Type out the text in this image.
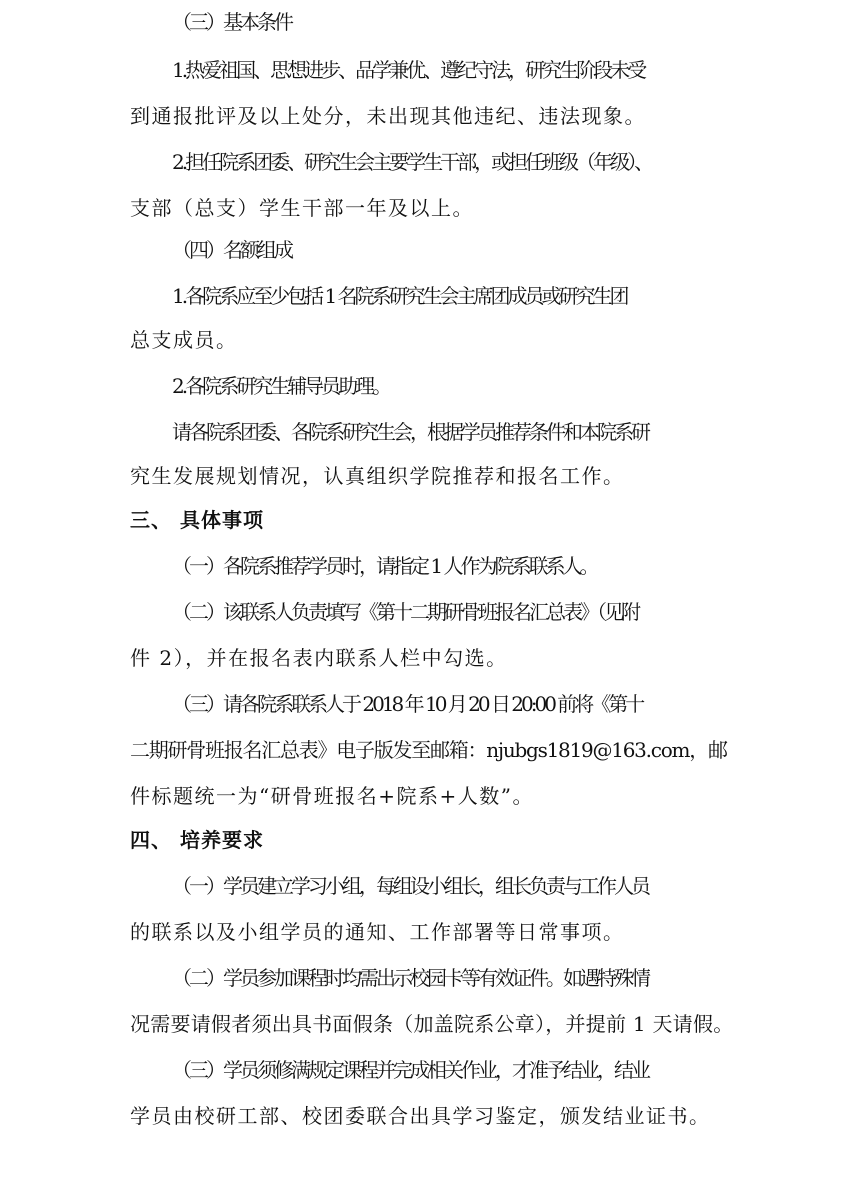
（三）基本条件
1.热爱祖国、思想进步、品学兼优、遵纪守法，研究生阶段未受
到通报批评及以上处分，未出现其他违纪、违法现象。
2.担任院系团委、研究生会主要学生干部，或担任班级（年级）、
支部（总支）学生干部一年及以上。
（四）名额组成
1.各院系应至少包括 1 名院系研究生会主席团成员或研究生团
总支成员。
2.各院系研究生辅导员助理。
请各院系团委、各院系研究生会，根据学员推荐条件和本院系研
究生发展规划情况，认真组织学院推荐和报名工作。
三、 具体事项
（一）各院系推荐学员时，请指定 1 人作为院系联系人。
（二）该联系人负责填写《第十二期研骨班报名汇总表》（见附
件 2），并在报名表内联系人栏中勾选。
（三）请各院系联系人于 2018 年 10 月 20 日 20:00 前将《第十
二期研骨班报名汇总表》电子版发至邮箱：njubgs1819@163.com，邮
件标题统一为“研骨班报名+院系+人数”。
四、 培养要求
（一）学员建立学习小组，每组设小组长，组长负责与工作人员
的联系以及小组学员的通知、工作部署等日常事项。
（二）学员参加课程时均需出示校园卡等有效证件。如遇特殊情
况需要请假者须出具书面假条（加盖院系公章），并提前 1 天请假。
（三）学员须修满规定课程并完成相关作业，才准予结业，结业
学员由校研工部、校团委联合出具学习鉴定，颁发结业证书。
